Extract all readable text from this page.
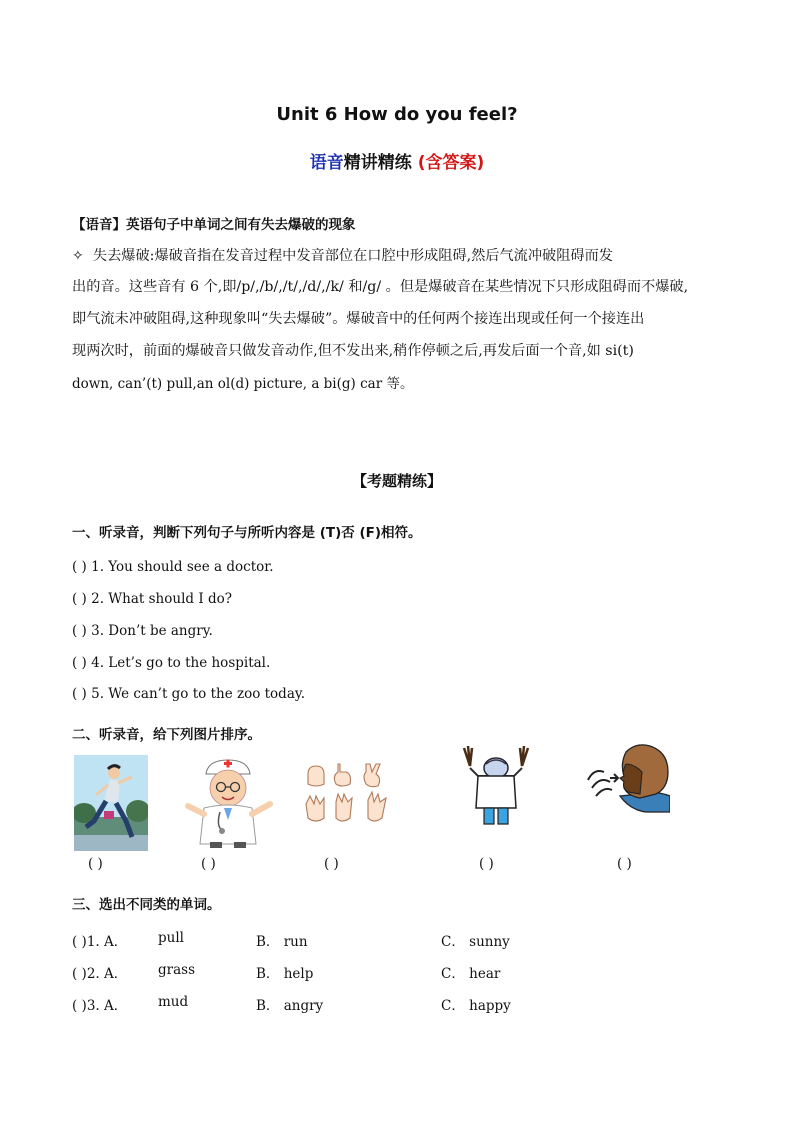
Unit 6 How do you feel?
语音精讲精练 (含答案)
【语音】英语句子中单词之间有失去爆破的现象
✧ 失去爆破:爆破音指在发音过程中发音部位在口腔中形成阻碍,然后气流冲破阻碍而发
出的音。这些音有 6 个,即/p/,/b/,/t/,/d/,/k/ 和/g/ 。但是爆破音在某些情况下只形成阻碍而不爆破,
即气流未冲破阻碍,这种现象叫“失去爆破”。爆破音中的任何两个接连出现或任何一个接连出
现两次时，前面的爆破音只做发音动作,但不发出来,稍作停顿之后,再发后面一个音,如 si(t)
down, can’(t) pull,an ol(d) picture, a bi(g) car 等。
【考题精练】
一、听录音，判断下列句子与所听内容是 (T)否 (F)相符。
( ) 1. You should see a doctor.
( ) 2. What should I do?
( ) 3. Don’t be angry.
( ) 4. Let’s go to the hospital.
( ) 5. We can’t go to the zoo today.
二、听录音，给下列图片排序。
( )	( )	( )	( )	( )
三、选出不同类的单词。
( )1. A． pull	B． run	C． sunny
( )2. A． grass	B． help	C． hear
( )3. A． mud	B． angry	C． happy
